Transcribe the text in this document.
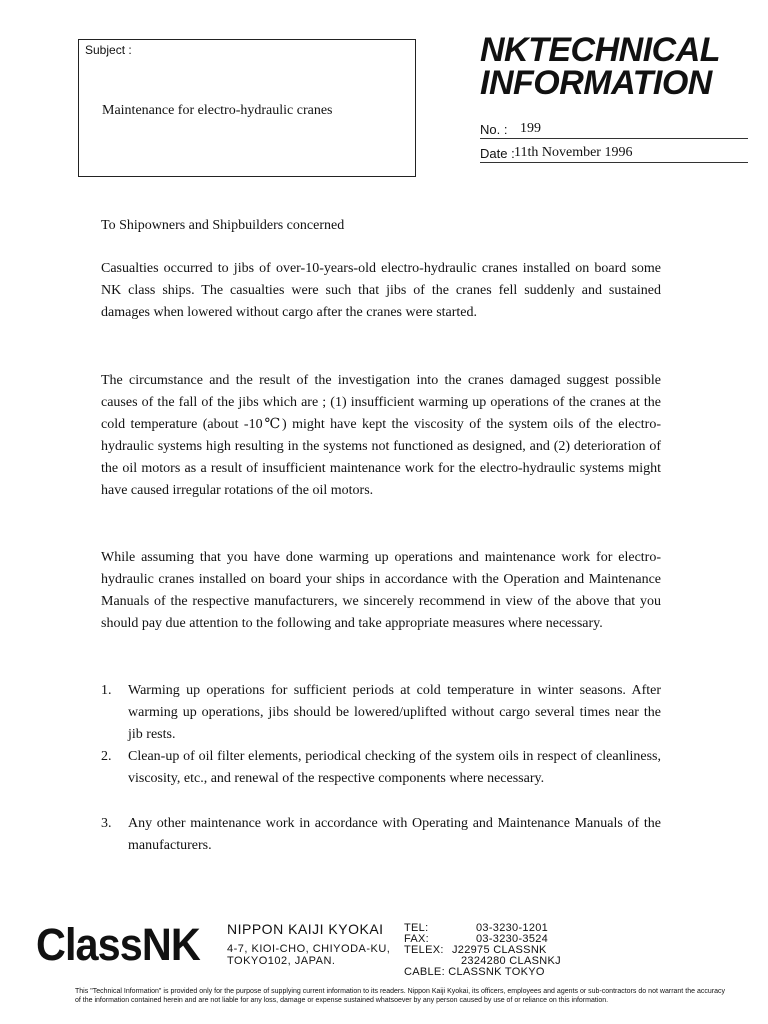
Subject :
Maintenance for electro-hydraulic cranes
NKTECHNICAL
INFORMATION
No. : 199
Date : 11th November 1996
To Shipowners and Shipbuilders concerned
Casualties occurred to jibs of over-10-years-old electro-hydraulic cranes installed on board some NK class ships. The casualties were such that jibs of the cranes fell suddenly and sustained damages when lowered without cargo after the cranes were started.
The circumstance and the result of the investigation into the cranes damaged suggest possible causes of the fall of the jibs which are ; (1) insufficient warming up operations of the cranes at the cold temperature (about -10℃) might have kept the viscosity of the system oils of the electro-hydraulic systems high resulting in the systems not functioned as designed, and (2) deterioration of the oil motors as a result of insufficient maintenance work for the electro-hydraulic systems might have caused irregular rotations of the oil motors.
While assuming that you have done warming up operations and maintenance work for electro-hydraulic cranes installed on board your ships in accordance with the Operation and Maintenance Manuals of the respective manufacturers, we sincerely recommend in view of the above that you should pay due attention to the following and take appropriate measures where necessary.
1. Warming up operations for sufficient periods at cold temperature in winter seasons. After warming up operations, jibs should be lowered/uplifted without cargo several times near the jib rests.
2. Clean-up of oil filter elements, periodical checking of the system oils in respect of cleanliness, viscosity, etc., and renewal of the respective components where necessary.
3. Any other maintenance work in accordance with Operating and Maintenance Manuals of the manufacturers.
ClassNK NIPPON KAIJI KYOKAI
4-7, KIOI-CHO, CHIYODA-KU,
TOKYO102, JAPAN.
TEL:	03-3230-1201
FAX:	03-3230-3524
TELEX: J22975 CLASSNK
2324280 CLASNKJ
CABLE: CLASSNK TOKYO
This "Technical Information" is provided only for the purpose of supplying current information to its readers. Nippon Kaiji Kyokai, its officers, employees and agents or sub-contractors do not warrant the accuracy of the information contained herein and are not liable for any loss, damage or expense sustained whatsoever by any person caused by use of or reliance on this information.
